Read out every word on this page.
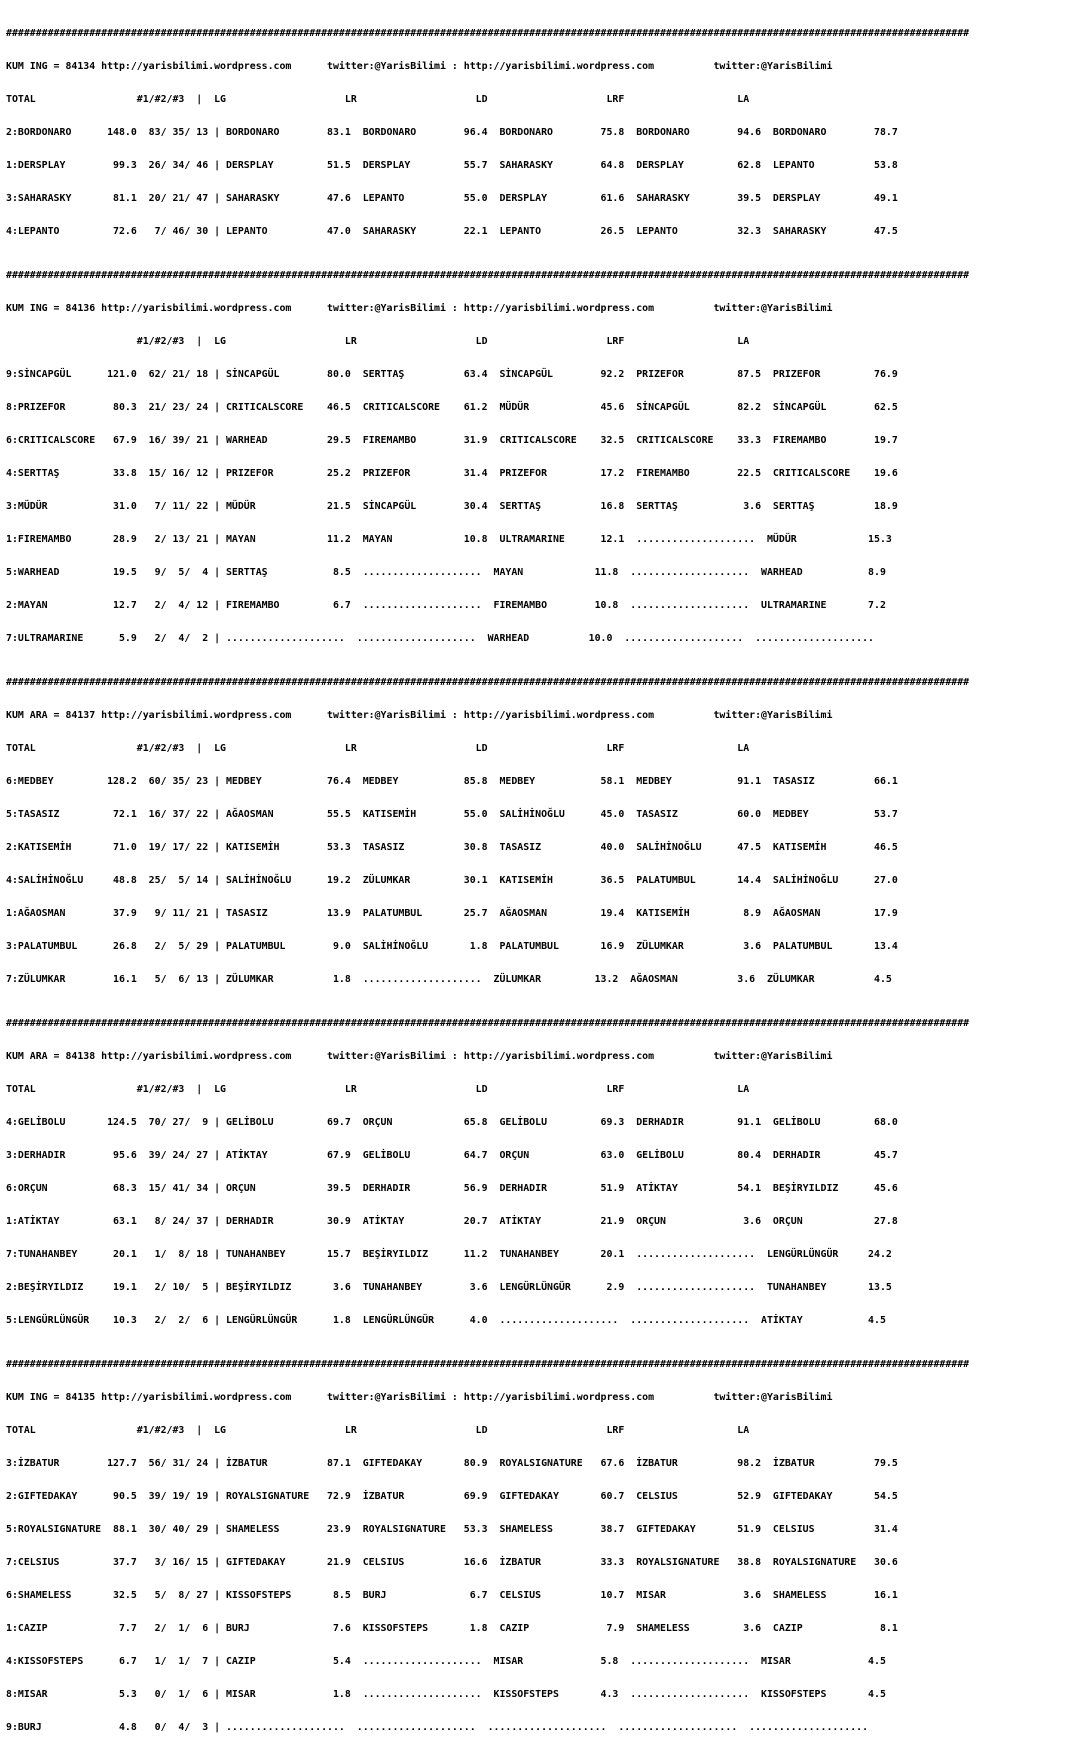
##################################################################################################################################################################

KUM ING = 84134 http://yarisbilimi.wordpress.com      twitter:@YarisBilimi : http://yarisbilimi.wordpress.com          twitter:@YarisBilimi

TOTAL                 #1/#2/#3  |  LG                    LR                    LD                    LRF                   LA

2:BORDONARO      148.0  83/ 35/ 13 | BORDONARO        83.1  BORDONARO        96.4  BORDONARO        75.8  BORDONARO        94.6  BORDONARO        78.7

1:DERSPLAY        99.3  26/ 34/ 46 | DERSPLAY         51.5  DERSPLAY         55.7  SAHARASKY        64.8  DERSPLAY         62.8  LEPANTO          53.8

3:SAHARASKY       81.1  20/ 21/ 47 | SAHARASKY        47.6  LEPANTO          55.0  DERSPLAY         61.6  SAHARASKY        39.5  DERSPLAY         49.1

4:LEPANTO         72.6   7/ 46/ 30 | LEPANTO          47.0  SAHARASKY        22.1  LEPANTO          26.5  LEPANTO          32.3  SAHARASKY        47.5

##################################################################################################################################################################

KUM ING = 84136 http://yarisbilimi.wordpress.com      twitter:@YarisBilimi : http://yarisbilimi.wordpress.com          twitter:@YarisBilimi

#1/#2/#3  |  LG                    LR                    LD                    LRF                   LA

9:SİNCAPGÜL      121.0  62/ 21/ 18 | SİNCAPGÜL        80.0  SERTTAŞ          63.4  SİNCAPGÜL        92.2  PRIZEFOR         87.5  PRIZEFOR         76.9

8:PRIZEFOR        80.3  21/ 23/ 24 | CRITICALSCORE    46.5  CRITICALSCORE    61.2  MÜDÜR            45.6  SİNCAPGÜL        82.2  SİNCAPGÜL        62.5

6:CRITICALSCORE   67.9  16/ 39/ 21 | WARHEAD          29.5  FIREMAMBO        31.9  CRITICALSCORE    32.5  CRITICALSCORE    33.3  FIREMAMBO        19.7

4:SERTTAŞ         33.8  15/ 16/ 12 | PRIZEFOR         25.2  PRIZEFOR         31.4  PRIZEFOR         17.2  FIREMAMBO        22.5  CRITICALSCORE    19.6

3:MÜDÜR           31.0   7/ 11/ 22 | MÜDÜR            21.5  SİNCAPGÜL        30.4  SERTTAŞ          16.8  SERTTAŞ           3.6  SERTTAŞ          18.9

1:FIREMAMBO       28.9   2/ 13/ 21 | MAYAN            11.2  MAYAN            10.8  ULTRAMARINE      12.1  ....................  MÜDÜR            15.3

5:WARHEAD         19.5   9/  5/  4 | SERTTAŞ           8.5  ....................  MAYAN            11.8  ....................  WARHEAD           8.9

2:MAYAN           12.7   2/  4/ 12 | FIREMAMBO         6.7  ....................  FIREMAMBO        10.8  ....................  ULTRAMARINE       7.2

7:ULTRAMARINE      5.9   2/  4/  2 | ....................  ....................  WARHEAD          10.0  ....................  ....................

##################################################################################################################################################################

KUM ARA = 84137 http://yarisbilimi.wordpress.com      twitter:@YarisBilimi : http://yarisbilimi.wordpress.com          twitter:@YarisBilimi

TOTAL                 #1/#2/#3  |  LG                    LR                    LD                    LRF                   LA

6:MEDBEY         128.2  60/ 35/ 23 | MEDBEY           76.4  MEDBEY           85.8  MEDBEY           58.1  MEDBEY           91.1  TASASIZ          66.1

5:TASASIZ         72.1  16/ 37/ 22 | AĞAOSMAN         55.5  KATISEMİH        55.0  SALİHİNOĞLU      45.0  TASASIZ          60.0  MEDBEY           53.7

2:KATISEMİH       71.0  19/ 17/ 22 | KATISEMİH        53.3  TASASIZ          30.8  TASASIZ          40.0  SALİHİNOĞLU      47.5  KATISEMİH        46.5

4:SALİHİNOĞLU     48.8  25/  5/ 14 | SALİHİNOĞLU      19.2  ZÜLUMKAR         30.1  KATISEMİH        36.5  PALATUMBUL       14.4  SALİHİNOĞLU      27.0

1:AĞAOSMAN        37.9   9/ 11/ 21 | TASASIZ          13.9  PALATUMBUL       25.7  AĞAOSMAN         19.4  KATISEMİH         8.9  AĞAOSMAN         17.9

3:PALATUMBUL      26.8   2/  5/ 29 | PALATUMBUL        9.0  SALİHİNOĞLU       1.8  PALATUMBUL       16.9  ZÜLUMKAR          3.6  PALATUMBUL       13.4

7:ZÜLUMKAR        16.1   5/  6/ 13 | ZÜLUMKAR          1.8  ....................  ZÜLUMKAR         13.2  AĞAOSMAN          3.6  ZÜLUMKAR          4.5

##################################################################################################################################################################

KUM ARA = 84138 http://yarisbilimi.wordpress.com      twitter:@YarisBilimi : http://yarisbilimi.wordpress.com          twitter:@YarisBilimi

TOTAL                 #1/#2/#3  |  LG                    LR                    LD                    LRF                   LA

4:GELİBOLU       124.5  70/ 27/  9 | GELİBOLU         69.7  ORÇUN            65.8  GELİBOLU         69.3  DERHADIR         91.1  GELİBOLU         68.0

3:DERHADIR        95.6  39/ 24/ 27 | ATİKTAY          67.9  GELİBOLU         64.7  ORÇUN            63.0  GELİBOLU         80.4  DERHADIR         45.7

6:ORÇUN           68.3  15/ 41/ 34 | ORÇUN            39.5  DERHADIR         56.9  DERHADIR         51.9  ATİKTAY          54.1  BEŞİRYILDIZ      45.6

1:ATİKTAY         63.1   8/ 24/ 37 | DERHADIR         30.9  ATİKTAY          20.7  ATİKTAY          21.9  ORÇUN             3.6  ORÇUN            27.8

7:TUNAHANBEY      20.1   1/  8/ 18 | TUNAHANBEY       15.7  BEŞİRYILDIZ      11.2  TUNAHANBEY       20.1  ....................  LENGÜRLÜNGÜR     24.2

2:BEŞİRYILDIZ     19.1   2/ 10/  5 | BEŞİRYILDIZ       3.6  TUNAHANBEY        3.6  LENGÜRLÜNGÜR      2.9  ....................  TUNAHANBEY       13.5

5:LENGÜRLÜNGÜR    10.3   2/  2/  6 | LENGÜRLÜNGÜR      1.8  LENGÜRLÜNGÜR      4.0  ....................  ....................  ATİKTAY           4.5

##################################################################################################################################################################

KUM ING = 84135 http://yarisbilimi.wordpress.com      twitter:@YarisBilimi : http://yarisbilimi.wordpress.com          twitter:@YarisBilimi

TOTAL                 #1/#2/#3  |  LG                    LR                    LD                    LRF                   LA

3:İZBATUR        127.7  56/ 31/ 24 | İZBATUR          87.1  GIFTEDAKAY       80.9  ROYALSIGNATURE   67.6  İZBATUR          98.2  İZBATUR          79.5

2:GIFTEDAKAY      90.5  39/ 19/ 19 | ROYALSIGNATURE   72.9  İZBATUR          69.9  GIFTEDAKAY       60.7  CELSIUS          52.9  GIFTEDAKAY       54.5

5:ROYALSIGNATURE  88.1  30/ 40/ 29 | SHAMELESS        23.9  ROYALSIGNATURE   53.3  SHAMELESS        38.7  GIFTEDAKAY       51.9  CELSIUS          31.4

7:CELSIUS         37.7   3/ 16/ 15 | GIFTEDAKAY       21.9  CELSIUS          16.6  İZBATUR          33.3  ROYALSIGNATURE   38.8  ROYALSIGNATURE   30.6

6:SHAMELESS       32.5   5/  8/ 27 | KISSOFSTEPS       8.5  BURJ              6.7  CELSIUS          10.7  MISAR             3.6  SHAMELESS        16.1

1:CAZIP            7.7   2/  1/  6 | BURJ              7.6  KISSOFSTEPS       1.8  CAZIP             7.9  SHAMELESS         3.6  CAZIP             8.1

4:KISSOFSTEPS      6.7   1/  1/  7 | CAZIP             5.4  ....................  MISAR             5.8  ....................  MISAR             4.5

8:MISAR            5.3   0/  1/  6 | MISAR             1.8  ....................  KISSOFSTEPS       4.3  ....................  KISSOFSTEPS       4.5

9:BURJ             4.8   0/  4/  3 | ....................  ....................  ....................  ....................  ....................
